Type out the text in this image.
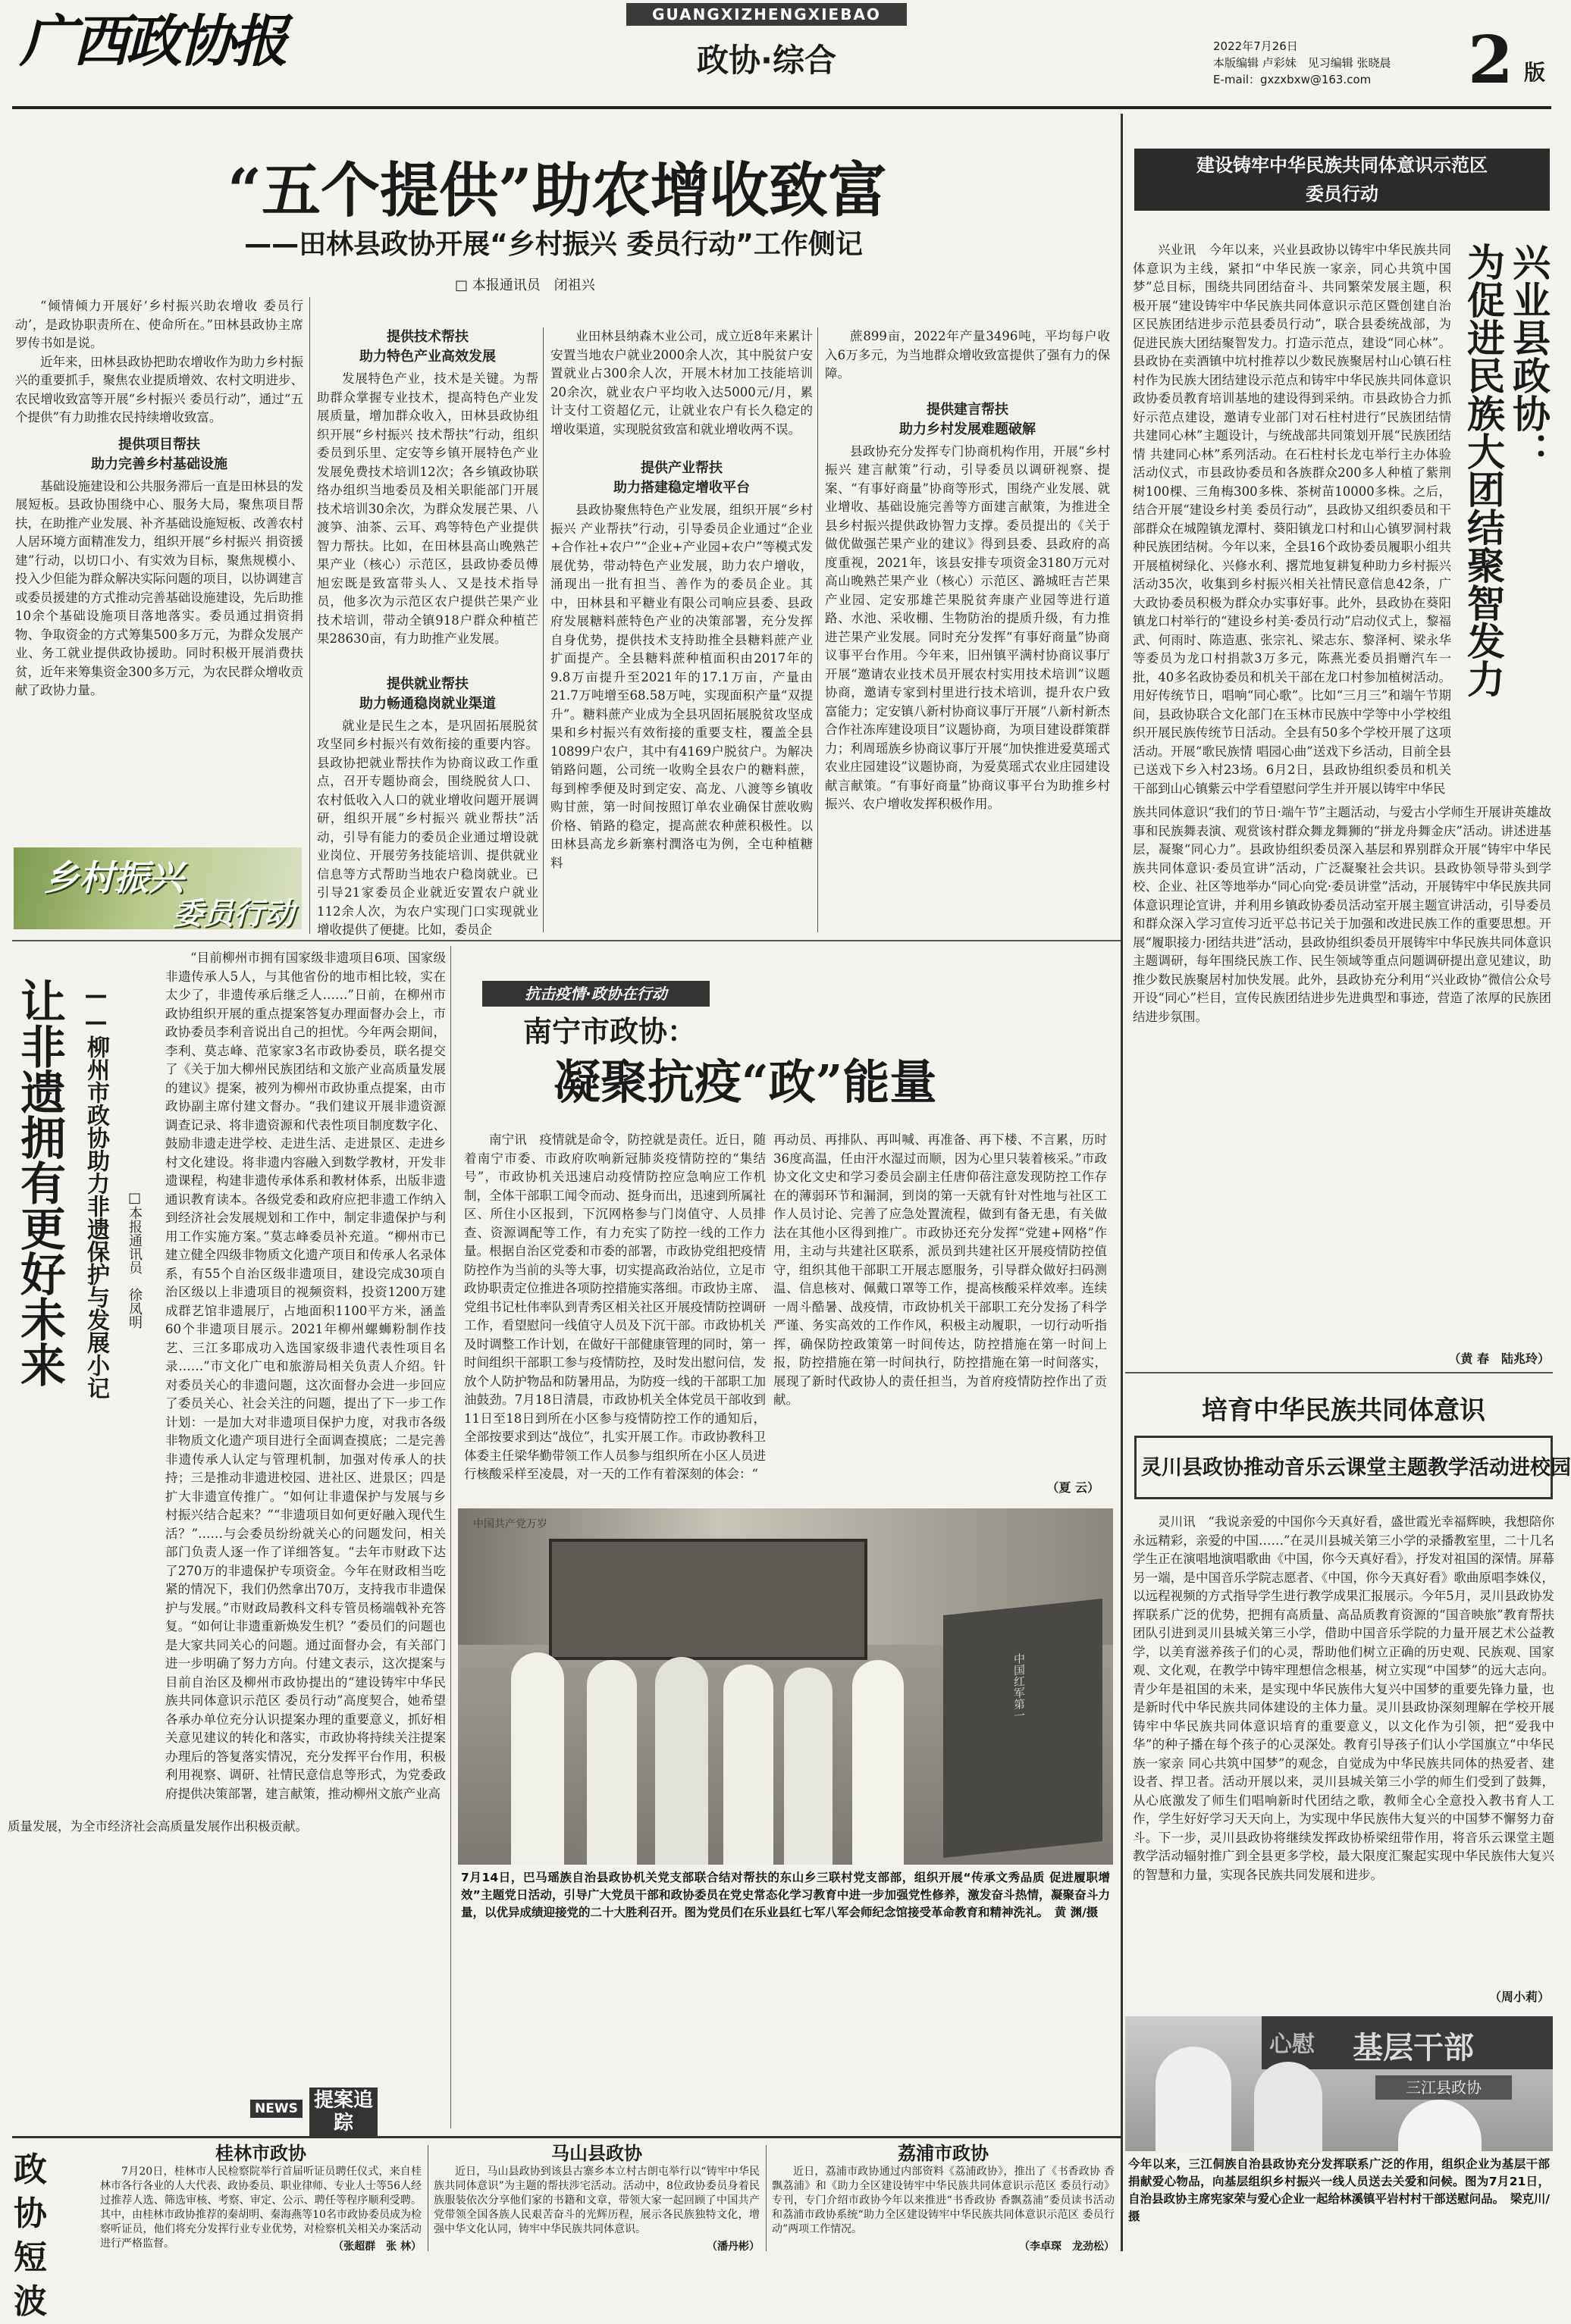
广西政协报	GUANGXIZHENGXIEBAO
政协·综合	2022年7月26日
本版编辑 卢彩妹　见习编辑 张晓晨
E-mail：gxzxbxw@163.com	2 版
“五个提供”助农增收致富
——田林县政协开展“乡村振兴 委员行动”工作侧记
□ 本报通讯员　闭祖兴

“倾情倾力开展好‘乡村振兴助农增收 委员行动’，是政协职责所在、使命所在。”田林县政协主席罗传书如是说。

近年来，田林县政协把助农增收作为助力乡村振兴的重要抓手，聚焦农业提质增效、农村文明进步、农民增收致富等开展“乡村振兴 委员行动”，通过“五个提供”有力助推农民持续增收致富。

提供项目帮扶
助力完善乡村基础设施

基础设施建设和公共服务滞后一直是田林县的发展短板。县政协围绕中心、服务大局，聚焦项目帮扶，在助推产业发展、补齐基础设施短板、改善农村人居环境方面精准发力，组织开展“乡村振兴 捐资援建”行动，以切口小、有实效为目标，聚焦规模小、投入少但能为群众解决实际问题的项目，以协调建言或委员援建的方式推动完善基础设施建设，先后助推10余个基础设施项目落地落实。委员通过捐资捐物、争取资金的方式筹集500多万元，为群众发展产业、务工就业提供政协援助。同时积极开展消费扶贫，近年来筹集资金300多万元，为农民群众增收贡献了政协力量。

乡村振兴
委员行动
提供技术帮扶
助力特色产业高效发展

发展特色产业，技术是关键。为帮助群众掌握专业技术，提高特色产业发展质量，增加群众收入，田林县政协组织开展“乡村振兴 技术帮扶”行动，组织委员到乐里、定安等乡镇开展特色产业发展免费技术培训12次；各乡镇政协联络办组织当地委员及相关职能部门开展技术培训30余次，为群众发展芒果、八渡笋、油茶、云耳、鸡等特色产业提供智力帮扶。比如，在田林县高山晚熟芒果产业（核心）示范区，县政协委员傅旭宏既是致富带头人、又是技术指导员，他多次为示范区农户提供芒果产业技术培训，带动全镇918户群众种植芒果28630亩，有力助推产业发展。

提供就业帮扶
助力畅通稳岗就业渠道

就业是民生之本，是巩固拓展脱贫攻坚同乡村振兴有效衔接的重要内容。县政协把就业帮扶作为协商议政工作重点，召开专题协商会，围绕脱贫人口、农村低收入人口的就业增收问题开展调研，组织开展“乡村振兴 就业帮扶”活动，引导有能力的委员企业通过增设就业岗位、开展劳务技能培训、提供就业信息等方式帮助当地农户稳岗就业。已引导21家委员企业就近安置农户就业112余人次，为农户实现门口实现就业增收提供了便捷。比如，委员企

业田林县纳森木业公司，成立近8年来累计安置当地农户就业2000余人次，其中脱贫户安置就业占300余人次，开展木材加工技能培训20余次，就业农户平均收入达5000元/月，累计支付工资超亿元，让就业农户有长久稳定的增收渠道，实现脱贫致富和就业增收两不误。

提供产业帮扶
助力搭建稳定增收平台

县政协聚焦特色产业发展，组织开展“乡村振兴 产业帮扶”行动，引导委员企业通过“企业+合作社+农户”“企业+产业园+农户”等模式发展优势，带动特色产业发展，助力农户增收，涌现出一批有担当、善作为的委员企业。其中，田林县和平糖业有限公司响应县委、县政府发展糖料蔗特色产业的决策部署，充分发挥自身优势，提供技术支持助推全县糖料蔗产业扩面提产。全县糖料蔗种植面积由2017年的9.8万亩提升至2021年的17.1万亩，产量由21.7万吨增至68.58万吨，实现面积产量“双提升”。糖料蔗产业成为全县巩固拓展脱贫攻坚成果和乡村振兴有效衔接的重要支柱，覆盖全县10899户农户，其中有4169户脱贫户。为解决销路问题，公司统一收购全县农户的糖料蔗，每到榨季便及时到定安、高龙、八渡等乡镇收购甘蔗，第一时间按照订单农业确保甘蔗收购价格、销路的稳定，提高蔗农种蔗积极性。以田林县高龙乡新寨村潤洛屯为例，全屯种植糖料

蔗899亩，2022年产量3496吨，平均每户收入6万多元，为当地群众增收致富提供了强有力的保障。

提供建言帮扶
助力乡村发展难题破解

县政协充分发挥专门协商机构作用，开展“乡村振兴 建言献策”行动，引导委员以调研视察、提案、“有事好商量”协商等形式，围绕产业发展、就业增收、基础设施完善等方面建言献策，为推进全县乡村振兴提供政协智力支撑。委员提出的《关于做优做强芒果产业的建议》得到县委、县政府的高度重视，2021年，该县安排专项资金3180万元对高山晚熟芒果产业（核心）示范区、潞城旺吉芒果产业园、定安那雄芒果脱贫奔康产业园等进行道路、水池、采收棚、生物防治的提质升级，有力推进芒果产业发展。同时充分发挥“有事好商量”协商议事平台作用。今年来，旧州镇平满村协商议事厅开展“邀请农业技术员开展农村实用技术培训”议题协商，邀请专家到村里进行技术培训，提升农户致富能力；定安镇八新村协商议事厅开展“八新村新杰合作社冻库建设项目”议题协商，为项目建设群策群力；利周瑶族乡协商议事厅开展“加快推进爱莫瑶式农业庄园建设”议题协商，为爱莫瑶式农业庄园建设献言献策。“有事好商量”协商议事平台为助推乡村振兴、农户增收发挥积极作用。

建设铸牢中华民族共同体意识示范区
委员行动
兴业县政协：
为促进民族大团结聚智发力

兴业讯　今年以来，兴业县政协以铸牢中华民族共同体意识为主线，紧扣“中华民族一家亲，同心共筑中国梦”总目标，围绕共同团结奋斗、共同繁荣发展主题，积极开展“建设铸牢中华民族共同体意识示范区暨创建自治区民族团结进步示范县委员行动”，联合县委统战部，为促进民族大团结聚智发力。打造示范点，建设“同心林”。县政协在卖酒镇中坑村推荐以少数民族聚居村山心镇石柱村作为民族大团结建设示范点和铸牢中华民族共同体意识政协委员教育培训基地的建设得到采纳。市县政协合力抓好示范点建设，邀请专业部门对石柱村进行“民族团结情 共建同心林”主题设计，与统战部共同策划开展“民族团结情 共建同心林”系列活动。在石柱村长龙屯举行主办体验活动仪式，市县政协委员和各族群众200多人种植了紫荆树100棵、三角梅300多株、茶树苗10000多株。之后，结合开展“建设乡村美 委员行动”，县政协又组织委员和干部群众在城隍镇龙潭村、葵阳镇龙口村和山心镇罗洞村栽种民族团结树。今年以来，全县16个政协委员履职小组共开展植树绿化、兴修水利、撂荒地复耕复种助力乡村振兴活动35次，收集到乡村振兴相关社情民意信息42条，广大政协委员积极为群众办实事好事。此外，县政协在葵阳镇龙口村举行的“建设乡村美·委员行动”启动仪式上，黎福武、何雨时、陈造惠、张宗礼、梁志东、黎泽柯、梁永华等委员为龙口村捐款3万多元，陈燕光委员捐赠汽车一批，40多名政协委员和机关干部在龙口村参加植树活动。用好传统节日，唱响“同心歌”。比如“三月三”和端午节期间，县政协联合文化部门在玉林市民族中学等中小学校组织开展民族传统节日活动。全县有50多个学校开展了这项活动。开展“歌民族情 唱园心曲”送戏下乡活动，目前全县已送戏下乡入村23场。6月2日，县政协组织委员和机关干部到山心镇紫云中学看望慰问学生并开展以铸牢中华民

族共同体意识“我们的节日·端午节”主题活动，与爱古小学师生开展讲英雄故事和民族舞表演、观赏该村群众舞龙舞狮的“拼龙舟舞金庆”活动。讲述进基层，凝聚“同心力”。县政协组织委员深入基层和界别群众开展“铸牢中华民族共同体意识·委员宣讲”活动，广泛凝聚社会共识。县政协领导带头到学校、企业、社区等地举办“同心向党·委员讲堂”活动，开展铸牢中华民族共同体意识理论宣讲，并利用乡镇政协委员活动室开展主题宣讲活动，引导委员和群众深入学习宣传习近平总书记关于加强和改进民族工作的重要思想。开展“履职接力·团结共进”活动，县政协组织委员开展铸牢中华民族共同体意识主题调研，每年围绕民族工作、民生领域等重点问题调研提出意见建议，助推少数民族聚居村加快发展。此外，县政协充分利用“兴业政协”微信公众号开设“同心”栏目，宣传民族团结进步先进典型和事迹，营造了浓厚的民族团结进步氛围。

（黄 春　陆兆玲）
让非遗拥有更好未来 ——柳州市政协助力非遗保护与发展小记	□本报通讯员　徐凤明

“目前柳州市拥有国家级非遗项目6项、国家级非遗传承人5人，与其他省份的地市相比较，实在太少了，非遗传承后继乏人……”日前，在柳州市政协组织开展的重点提案答复办理面督办会上，市政协委员李利音说出自己的担忧。今年两会期间，李利、莫志峰、范家家3名市政协委员，联名提交了《关于加大柳州民族团结和文旅产业高质量发展的建议》提案，被列为柳州市政协重点提案，由市政协副主席付建文督办。“我们建议开展非遗资源调查记录、将非遗资源和代表性项目制度数字化、鼓励非遗走进学校、走进生活、走进景区、走进乡村文化建设。将非遗内容融入到数学教材，开发非遗课程，构建非遗传承体系和教材体系，出版非遗通识教育读本。各级党委和政府应把非遗工作纳入到经济社会发展规划和工作中，制定非遗保护与利用工作实施方案。”莫志峰委员补充道。“柳州市已建立健全四级非物质文化遗产项目和传承人名录体系，有55个自治区级非遗项目，建设完成30项自治区级以上非遗项目的视频资料，投资1200万建成群艺馆非遗展厅，占地面积1100平方米，涵盖60个非遗项目展示。2021年柳州螺蛳粉制作技艺、三江多耶成功入选国家级非遗代表性项目名录……”市文化广电和旅游局相关负责人介绍。针对委员关心的非遗问题，这次面督办会进一步回应了委员关心、社会关注的问题，提出了下一步工作计划：一是加大对非遗项目保护力度，对我市各级非物质文化遗产项目进行全面调查摸底；二是完善非遗传承人认定与管理机制，加强对传承人的扶持；三是推动非遗进校园、进社区、进景区；四是扩大非遗宣传推广。“如何让非遗保护与发展与乡村振兴结合起来？”“非遗项目如何更好融入现代生活？”……与会委员纷纷就关心的问题发问，相关部门负责人逐一作了详细答复。“去年市财政下达了270万的非遗保护专项资金。今年在财政相当吃紧的情况下，我们仍然拿出70万，支持我市非遗保护与发展。”市财政局教科文科专管员杨端戟补充答复。“如何让非遗重新焕发生机？”委员们的问题也是大家共同关心的问题。通过面督办会，有关部门进一步明确了努力方向。付建文表示，这次提案与目前自治区及柳州市政协提出的“建设铸牢中华民族共同体意识示范区 委员行动”高度契合，她希望各承办单位充分认识提案办理的重要意义，抓好相关意见建议的转化和落实，市政协将持续关注提案办理后的答复落实情况，充分发挥平台作用，积极利用视察、调研、社情民意信息等形式，为党委政府提供决策部署，建言献策，推动柳州文旅产业高

质量发展，为全市经济社会高质量发展作出积极贡献。

NEWS 提案追踪
抗击疫情·政协在行动
南宁市政协：
凝聚抗疫“政”能量

南宁讯　疫情就是命令，防控就是责任。近日，随着南宁市委、市政府吹响新冠肺炎疫情防控的“集结号”，市政协机关迅速启动疫情防控应急响应工作机制，全体干部职工闻令而动、挺身而出，迅速到所属社区、所住小区报到，下沉网格参与门岗值守、人员排查、资源调配等工作，有力充实了防控一线的工作力量。根据自治区党委和市委的部署，市政协党组把疫情防控作为当前的头等大事，切实提高政治站位，立足市政协职责定位推进各项防控措施实落细。市政协主席、党组书记杜伟率队到青秀区相关社区开展疫情防控调研工作，看望慰问一线值守人员及下沉干部。市政协机关及时调整工作计划，在做好干部健康管理的同时，第一时间组织干部职工参与疫情防控，及时发出慰问信，发放个人防护物品和防暑用品，为防疫一线的干部职工加油鼓劲。7月18日清晨，市政协机关全体党员干部收到11日至18日到所在小区参与疫情防控工作的通知后，全部按要求到达“战位”，扎实开展工作。市政协教科卫体委主任梁华勤带领工作人员参与组织所在小区人员进行核酸采样至凌晨，对一天的工作有着深刻的体会：“

再动员、再排队、再叫喊、再准备、再下楼、不言累，历时36度高温，任由汗水湿过而顺，因为心里只装着核采。”市政协文化文史和学习委员会副主任唐仰蓓注意发现防控工作存在的薄弱环节和漏洞，到岗的第一天就有针对性地与社区工作人员讨论、完善了应急处置流程，做到有备无患，有关做法在其他小区得到推广。市政协还充分发挥“党建+网格”作用，主动与共建社区联系，派员到共建社区开展疫情防控值守，组织其他干部职工开展志愿服务，引导群众做好扫码测温、信息核对、佩戴口罩等工作，提高核酸采样效率。连续一周斗酷暑、战疫情，市政协机关干部职工充分发扬了科学严谨、务实高效的工作作风，积极主动履职，一切行动听指挥，确保防控政策第一时间传达，防控措施在第一时间上报，防控措施在第一时间执行，防控措施在第一时间落实，展现了新时代政协人的责任担当，为首府疫情防控作出了贡献。

（夏 云）
中国红军第一
中国共产党万岁
7月14日，巴马瑶族自治县政协机关党支部联合结对帮扶的东山乡三联村党支部部，组织开展“传承文秀品质 促进履职增效”主题党日活动，引导广大党员干部和政协委员在党史常态化学习教育中进一步加强党性修养，激发奋斗热情，凝聚奋斗力量，以优异成绩迎接党的二十大胜利召开。图为党员们在乐业县红七军八军会师纪念馆接受革命教育和精神洗礼。　黄 渊/摄
培育中华民族共同体意识
灵川县政协推动音乐云课堂主题教学活动进校园

灵川讯　“我说亲爱的中国你今天真好看，盛世霞光幸福辉映，我想陪你永远精彩，亲爱的中国……”在灵川县城关第三小学的录播教室里，二十几名学生正在演唱地演唱歌曲《中国，你今天真好看》，抒发对祖国的深情。屏幕另一端，是中国音乐学院志愿者、《中国，你今天真好看》歌曲原唱李姝仪，以远程视频的方式指导学生进行教学成果汇报展示。今年5月，灵川县政协发挥联系广泛的优势，把拥有高质量、高品质教育资源的“国音映旅”教育帮扶团队引进到灵川县城关第三小学，借助中国音乐学院的力量开展艺术公益教学，以美育滋养孩子们的心灵，帮助他们树立正确的历史观、民族观、国家观、文化观，在教学中铸牢理想信念根基，树立实现“中国梦”的远大志向。青少年是祖国的未来，是实现中华民族伟大复兴中国梦的重要先锋力量，也是新时代中华民族共同体建设的主体力量。灵川县政协深刻理解在学校开展铸牢中华民族共同体意识培育的重要意义，以文化作为引领，把“爱我中华”的种子播在每个孩子的心灵深处。教育引导孩子们认小学国旗立“中华民族一家亲 同心共筑中国梦”的观念，自觉成为中华民族共同体的热爱者、建设者、捍卫者。活动开展以来，灵川县城关第三小学的师生们受到了鼓舞，从心底激发了师生们唱响新时代团结之歌，教师全心全意投入教书育人工作，学生好好学习天天向上，为实现中华民族伟大复兴的中国梦不懈努力奋斗。下一步，灵川县政协将继续发挥政协桥梁纽带作用，将音乐云课堂主题教学活动辐射推广到全县更多学校，最大限度汇聚起实现中华民族伟大复兴的智慧和力量，实现各民族共同发展和进步。

（周小莉）
基层干部
心慰
三江县政协
今年以来，三江侗族自治县政协充分发挥联系广泛的作用，组织企业为基层干部捐献爱心物品，向基层组织乡村振兴一线人员送去关爱和问候。图为7月21日，自治县政协主席宪家荣与爱心企业一起给林溪镇平岩村村干部送慰问品。　梁克川/摄
政协短波
桂林市政协
7月20日，桂林市人民检察院举行首届听证员聘任仪式，来自桂林市各行各业的人大代表、政协委员、职业律师、专业人士等56人经过推荐人选、筛选审核、考察、审定、公示、聘任等程序顺利受聘。其中，由桂林市政协推荐的秦胡明、秦海燕等10名市政协委员成为检察听证员，他们将充分发挥行业专业优势，对检察机关相关办案活动进行严格监督。	（张超群　张 林）
马山县政协
近日，马山县政协到该县古寨乡本立村古朗屯举行以“铸牢中华民族共同体意识”为主题的帮扶涉宅活动。活动中，8位政协委员身着民族服装依次分享他们家的书籍和文章，带领大家一起回顾了中国共产党带领全国各族人民艰苦奋斗的光辉历程，展示各民族独特文化，增强中华文化认同，铸牢中华民族共同体意识。
（潘丹彬）
荔浦市政协
近日，荔浦市政协通过内部资料《荔浦政协》，推出了《书香政协 香飘荔浦》和《助力全区建设铸牢中华民族共同体意识示范区 委员行动》专刊，专门介绍市政协今年以来推进“书香政协 香飘荔浦”委员读书活动和荔浦市政协系统“助力全区建设铸牢中华民族共同体意识示范区 委员行动”两项工作情况。
（李卓琛　龙劲松）
